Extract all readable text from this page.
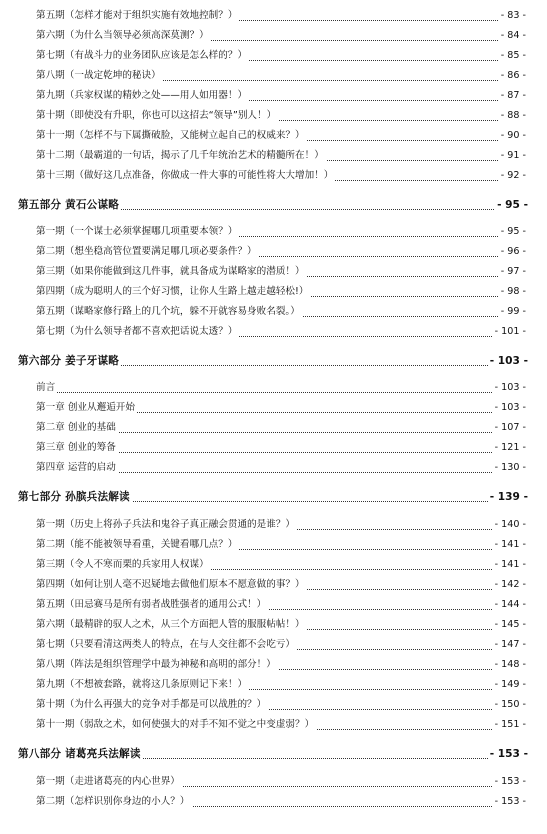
第五期（怎样才能对于组织实施有效地控制？）	- 83 -
第六期（为什么当领导必须高深莫测？）	- 84 -
第七期（有战斗力的业务团队应该是怎么样的？）	- 85 -
第八期（一战定乾坤的秘诀）	- 86 -
第九期（兵家权谋的精妙之处——用人如用器！）	- 87 -
第十期（即使没有升职，你也可以这招去“领导”别人！）	- 88 -
第十一期（怎样不与下属撕破脸，又能树立起自己的权威来？）	- 90 -
第十二期（最霸道的一句话，揭示了几千年统治艺术的精髓所在！）	- 91 -
第十三期（做好这几点准备，你做成一件大事的可能性将大大增加！）	- 92 -
第五部分 黄石公谋略	- 95 -
第一期（一个谋士必须掌握哪几项重要本领？）	- 95 -
第二期（想坐稳高管位置要满足哪几项必要条件？）	- 96 -
第三期（如果你能做到这几件事，就具备成为谋略家的潜质！）	- 97 -
第四期（成为聪明人的三个好习惯，让你人生路上越走越轻松!）	- 98 -
第五期（谋略家修行路上的几个坑，躲不开就容易身败名裂。）	- 99 -
第七期（为什么领导者都不喜欢把话说太透？）	- 101 -
第六部分 姜子牙谋略	- 103 -
前言	- 103 -
第一章 创业从邂逅开始	- 103 -
第二章 创业的基础	- 107 -
第三章 创业的筹备	- 121 -
第四章 运营的启动	- 130 -
第七部分 孙膑兵法解读	- 139 -
第一期（历史上将孙子兵法和鬼谷子真正融会贯通的是谁？）	- 140 -
第二期（能不能被领导看重，关键看哪几点？）	- 141 -
第三期（令人不寒而栗的兵家用人权谋）	- 141 -
第四期（如何让别人毫不迟疑地去做他们原本不愿意做的事？）	- 142 -
第五期（田忌赛马是所有弱者战胜强者的通用公式！）	- 144 -
第六期（最精辟的驭人之术，从三个方面把人管的服服帖帖！）	- 145 -
第七期（只要看清这两类人的特点，在与人交往都不会吃亏）	- 147 -
第八期（阵法是组织管理学中最为神秘和高明的部分！）	- 148 -
第九期（不想被套路，就将这几条原则记下来！）	- 149 -
第十期（为什么再强大的竞争对手都是可以战胜的？）	- 150 -
第十一期（弱敌之术，如何使强大的对手不知不觉之中变虚弱？）	- 151 -
第八部分 诸葛亮兵法解读	- 153 -
第一期（走进诸葛亮的内心世界）	- 153 -
第二期（怎样识别你身边的小人？）	- 153 -
